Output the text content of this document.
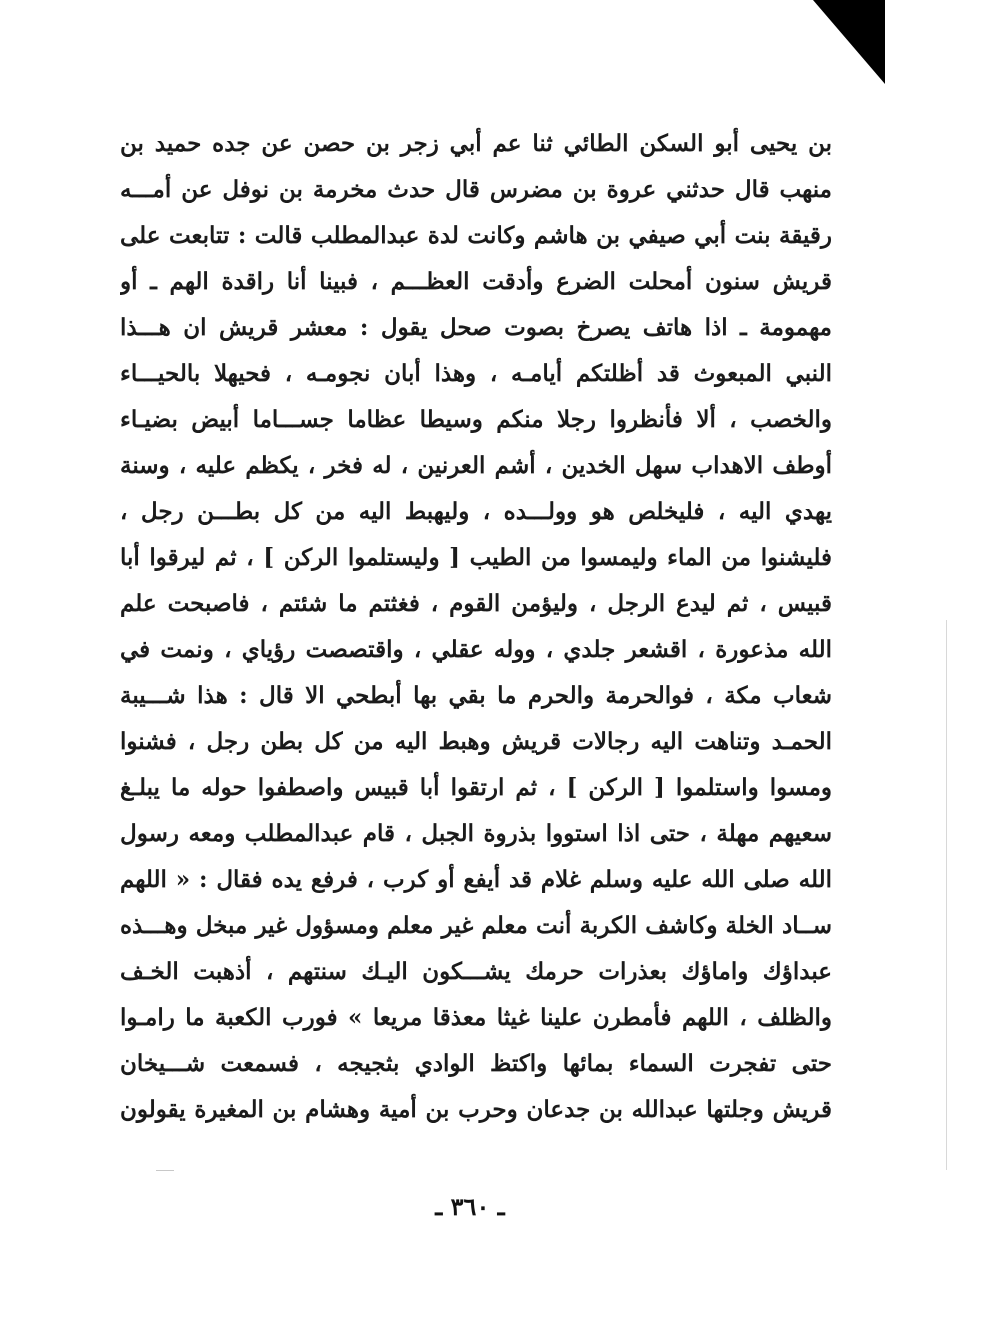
بن يحيى أبو السكن الطائي ثنا عم أبي زجر بن حصن عن جده حميد بن
منهب قال حدثني عروة بن مضرس قال حدث مخرمة بن نوفل عن أمـــه
رقيقة بنت أبي صيفي بن هاشم وكانت لدة عبدالمطلب قالت : تتابعت على
قريش سنون أمحلت الضرع وأدقت العظـــم ، فبينا أنا راقدة الهم ـ أو
مهمومة ـ اذا هاتف يصرخ بصوت صحل يقول : معشر قريش ان هـــذا
النبي المبعوث قد أظلتكم أيامـه ، وهذا أبان نجومـه ، فحيهلا بالحيـــاء
والخصب ، ألا فأنظروا رجلا منكم وسيطا عظاما جســـاما أبيض بضيـاء
أوطف الاهداب سهل الخدين ، أشم العرنين ، له فخر ، يكظم عليه ، وسنة
يهدي اليه ، فليخلص هو وولـــده ، وليهبط اليه من كل بطـــن رجل ،
فليشنوا من الماء وليمسوا من الطيب [ وليستلموا الركن ] ، ثم ليرقوا أبا
قبيس ، ثم ليدع الرجل ، وليؤمن القوم ، فغثتم ما شئتم ، فاصبحت علم
الله مذعورة ، اقشعر جلدي ، ووله عقلي ، واقتصصت رؤياي ، ونمت في
شعاب مكة ، فوالحرمة والحرم ما بقي بها أبطحي الا قال : هذا شـــيبة
الحمـد وتناهت اليه رجالات قريش وهبط اليه من كل بطن رجل ، فشنوا
ومسوا واستلموا [ الركن ] ، ثم ارتقوا أبا قبيس واصطفوا حوله ما يبلـغ
سعيهم مهلة ، حتى اذا استووا بذروة الجبل ، قام عبدالمطلب ومعه رسول
الله صلى الله عليه وسلم غلام قد أيفع أو كرب ، فرفع يده فقال : « اللهم
ســاد الخلة وكاشف الكربة أنت معلم غير معلم ومسؤول غير مبخل وهـــذه
عبداؤك واماؤك بعذرات حرمك يشـــكون اليـك سنتهم ، أذهبت الخـف
والظلف ، اللهم فأمطرن علينا غيثا معذقا مريعا » فورب الكعبة ما رامـوا
حتى تفجرت السماء بمائها واكتظ الوادي بثجيجه ، فسمعت شـــيخان
قريش وجلتها عبدالله بن جدعان وحرب بن أمية وهشام بن المغيرة يقولون
ـ ٣٦٠ ـ
